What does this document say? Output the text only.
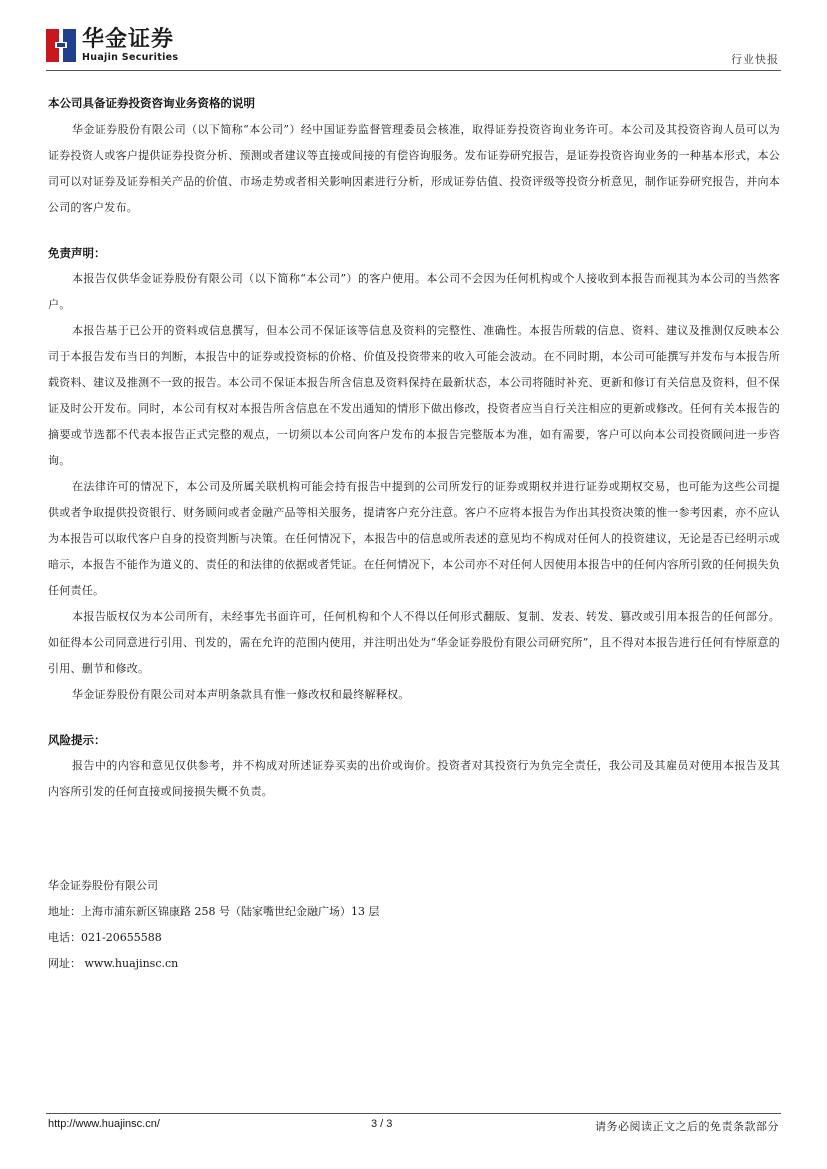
华金证券
Huajin Securities	行业快报
本公司具备证券投资咨询业务资格的说明

华金证券股份有限公司（以下简称“本公司”）经中国证券监督管理委员会核准，取得证券投资咨询业务许可。本公司及其投资咨询人员可以为证券投资人或客户提供证券投资分析、预测或者建议等直接或间接的有偿咨询服务。发布证券研究报告，是证券投资咨询业务的一种基本形式，本公司可以对证券及证券相关产品的价值、市场走势或者相关影响因素进行分析，形成证券估值、投资评级等投资分析意见，制作证券研究报告，并向本公司的客户发布。

免责声明：

本报告仅供华金证券股份有限公司（以下简称“本公司”）的客户使用。本公司不会因为任何机构或个人接收到本报告而视其为本公司的当然客户。

本报告基于已公开的资料或信息撰写，但本公司不保证该等信息及资料的完整性、准确性。本报告所载的信息、资料、建议及推测仅反映本公司于本报告发布当日的判断，本报告中的证券或投资标的价格、价值及投资带来的收入可能会波动。在不同时期，本公司可能撰写并发布与本报告所载资料、建议及推测不一致的报告。本公司不保证本报告所含信息及资料保持在最新状态，本公司将随时补充、更新和修订有关信息及资料，但不保证及时公开发布。同时，本公司有权对本报告所含信息在不发出通知的情形下做出修改，投资者应当自行关注相应的更新或修改。任何有关本报告的摘要或节选都不代表本报告正式完整的观点，一切须以本公司向客户发布的本报告完整版本为准，如有需要，客户可以向本公司投资顾问进一步咨询。

在法律许可的情况下，本公司及所属关联机构可能会持有报告中提到的公司所发行的证券或期权并进行证券或期权交易，也可能为这些公司提供或者争取提供投资银行、财务顾问或者金融产品等相关服务，提请客户充分注意。客户不应将本报告为作出其投资决策的惟一参考因素，亦不应认为本报告可以取代客户自身的投资判断与决策。在任何情况下，本报告中的信息或所表述的意见均不构成对任何人的投资建议，无论是否已经明示或暗示，本报告不能作为道义的、责任的和法律的依据或者凭证。在任何情况下，本公司亦不对任何人因使用本报告中的任何内容所引致的任何损失负任何责任。

本报告版权仅为本公司所有，未经事先书面许可，任何机构和个人不得以任何形式翻版、复制、发表、转发、篡改或引用本报告的任何部分。如征得本公司同意进行引用、刊发的，需在允许的范围内使用，并注明出处为“华金证券股份有限公司研究所”，且不得对本报告进行任何有悖原意的引用、删节和修改。

华金证券股份有限公司对本声明条款具有惟一修改权和最终解释权。

风险提示：

报告中的内容和意见仅供参考，并不构成对所述证券买卖的出价或询价。投资者对其投资行为负完全责任，我公司及其雇员对使用本报告及其内容所引发的任何直接或间接损失概不负责。

华金证券股份有限公司
地址：上海市浦东新区锦康路 258 号（陆家嘴世纪金融广场）13 层
电话：021-20655588
网址： www.huajinsc.cn
http://www.huajinsc.cn/	3 / 3	请务必阅读正文之后的免责条款部分
